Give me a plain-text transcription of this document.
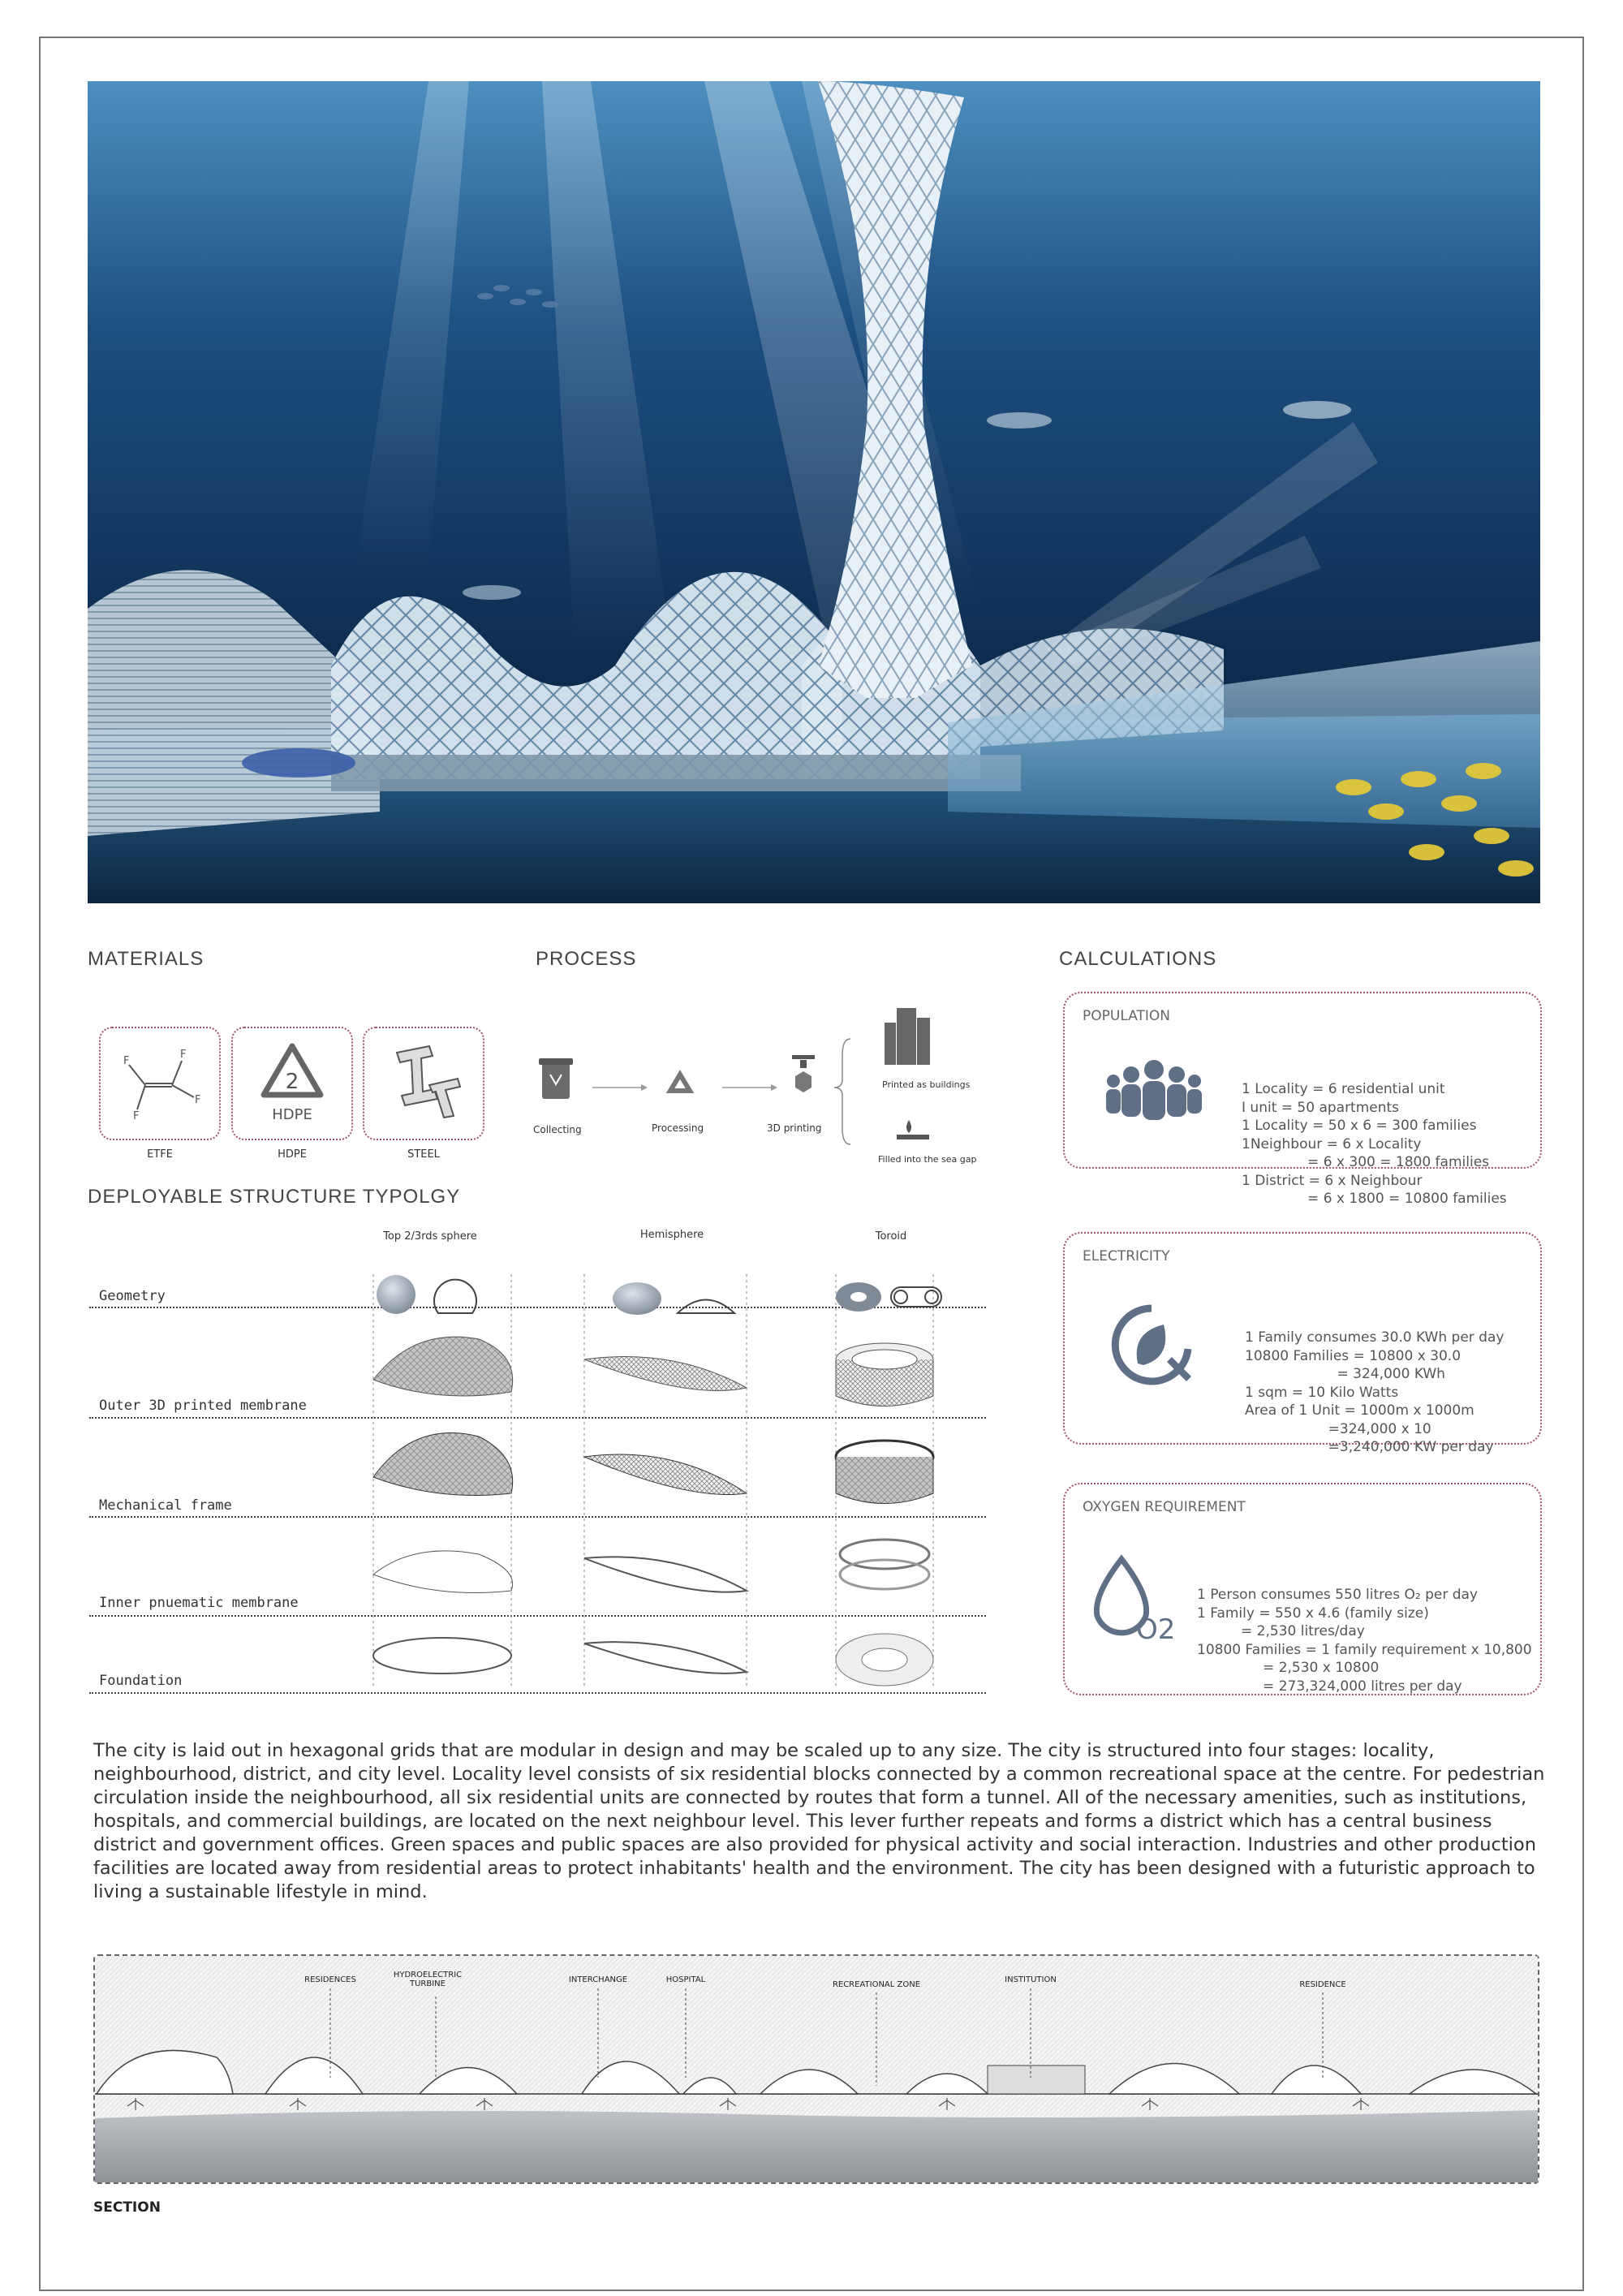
MATERIALS	PROCESS	CALCULATIONS
F
F
F
F
2
HDPE
ETFE	HDPE	STEEL
Collecting	Processing	3D printing
Printed as buildings
Filled into the sea gap
POPULATION

1 Locality = 6 residential unit
I unit = 50 apartments
1 Locality = 50 x 6 = 300 families
1Neighbour = 6 x Locality
= 6 x 300 = 1800 families
1 District = 6 x Neighbour
= 6 x 1800 = 10800 families

ELECTRICITY

1 Family consumes 30.0 KWh per day
10800 Families = 10800 x 30.0
= 324,000 KWh
1 sqm = 10 Kilo Watts
Area of 1 Unit = 1000m x 1000m
=324,000 x 10
=3,240,000 KW per day

OXYGEN REQUIREMENT
O2

1 Person consumes 550 litres O₂ per day
1 Family = 550 x 4.6 (family size)
= 2,530 litres/day
10800 Families = 1 family requirement x 10,800
= 2,530 x 10800
= 273,324,000 litres per day

DEPLOYABLE STRUCTURE TYPOLGY
Top 2/3rds sphere	Hemisphere	Toroid
Geometry
Outer 3D printed membrane
Mechanical frame
Inner pnuematic membrane
Foundation
The city is laid out in hexagonal grids that are modular in design and may be scaled up to any size. The city is structured into four stages: locality, neighbourhood, district, and city level. Locality level consists of six residential blocks connected by a common recreational space at the centre. For pedestrian circulation inside the neighbourhood, all six residential units are connected by routes that form a tunnel. All of the necessary amenities, such as institutions, hospitals, and commercial buildings, are located on the next neighbour level. This lever further repeats and forms a district which has a central business district and government offices. Green spaces and public spaces are also provided for physical activity and social interaction. Industries and other production facilities are located away from residential areas to protect inhabitants' health and the environment. The city has been designed with a futuristic approach to living a sustainable lifestyle in mind.
RESIDENCES
HYDROELECTRIC TURBINE	INTERCHANGE	HOSPITAL
RECREATIONAL ZONE
INSTITUTION
RESIDENCE
SECTION
